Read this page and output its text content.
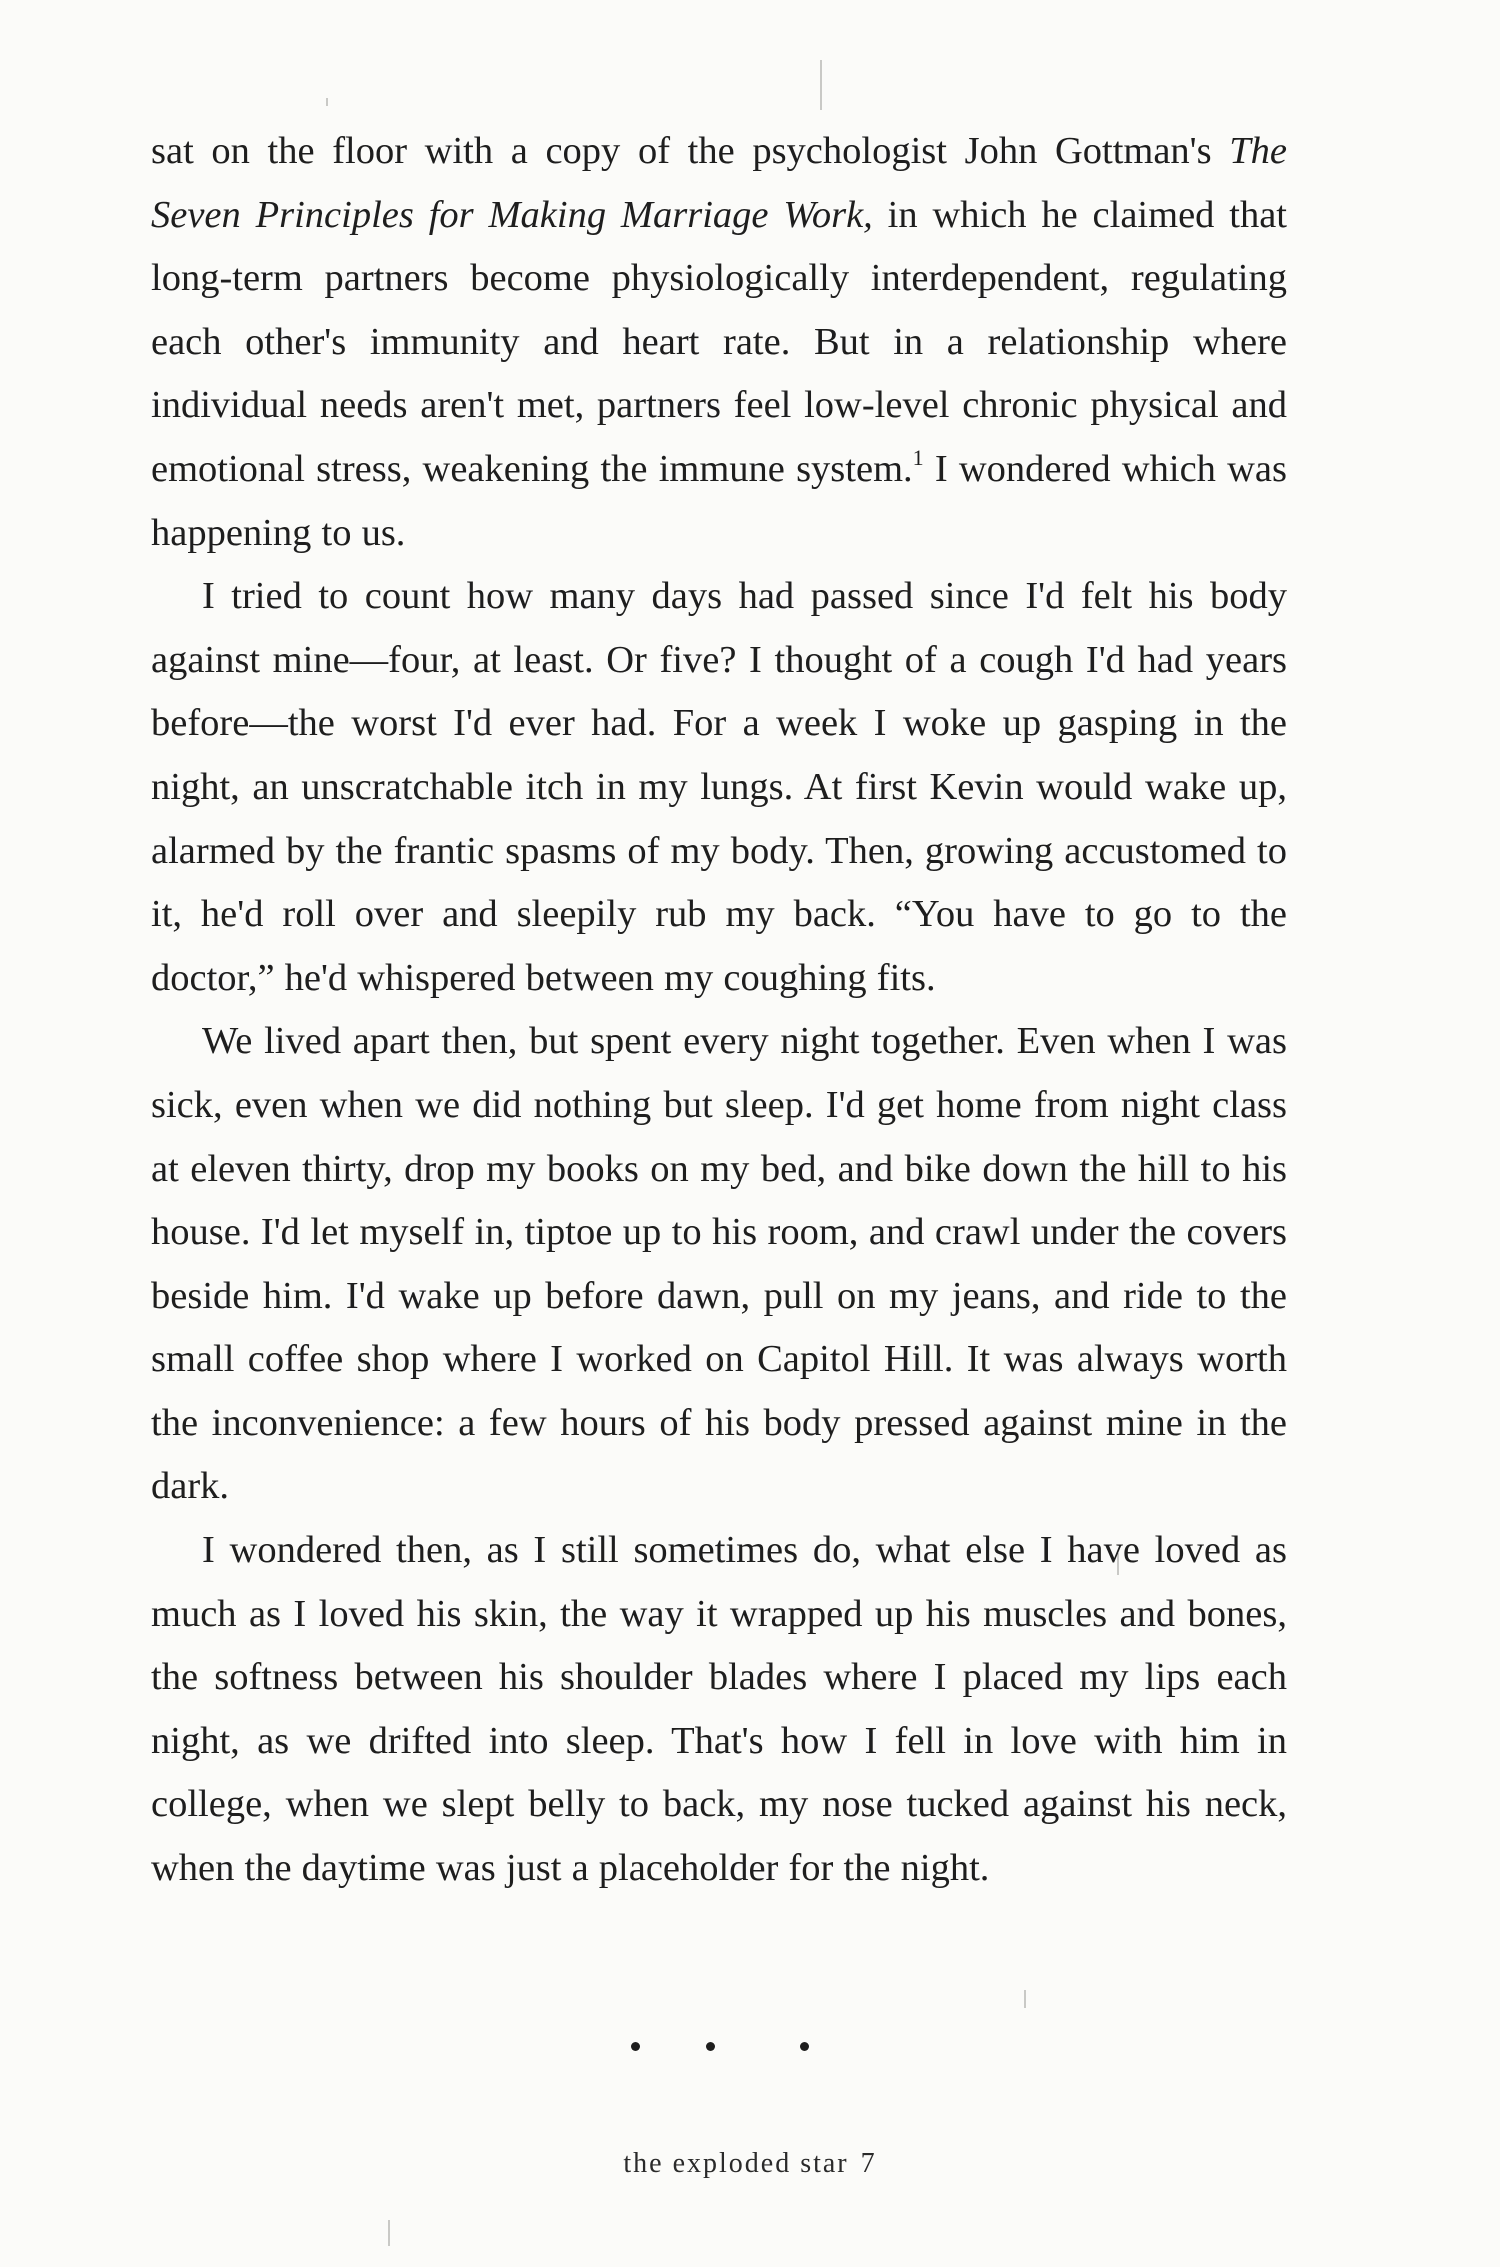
sat on the floor with a copy of the psychologist John Gottman's The Seven Principles for Making Marriage Work, in which he claimed that long-term partners become physiologically interdependent, regulating each other's immunity and heart rate. But in a relationship where individual needs aren't met, partners feel low-level chronic physical and emotional stress, weakening the immune system.$^1$ I wondered which was happening to us.

I tried to count how many days had passed since I'd felt his body against mine—four, at least. Or five? I thought of a cough I'd had years before—the worst I'd ever had. For a week I woke up gasping in the night, an unscratchable itch in my lungs. At first Kevin would wake up, alarmed by the frantic spasms of my body. Then, growing accustomed to it, he'd roll over and sleepily rub my back. “You have to go to the doctor,” he'd whispered between my coughing fits.

We lived apart then, but spent every night together. Even when I was sick, even when we did nothing but sleep. I'd get home from night class at eleven thirty, drop my books on my bed, and bike down the hill to his house. I'd let myself in, tiptoe up to his room, and crawl under the covers beside him. I'd wake up before dawn, pull on my jeans, and ride to the small coffee shop where I worked on Capitol Hill. It was always worth the inconvenience: a few hours of his body pressed against mine in the dark.

I wondered then, as I still sometimes do, what else I have loved as much as I loved his skin, the way it wrapped up his muscles and bones, the softness between his shoulder blades where I placed my lips each night, as we drifted into sleep. That's how I fell in love with him in college, when we slept belly to back, my nose tucked against his neck, when the daytime was just a placeholder for the night.

the exploded star 7
